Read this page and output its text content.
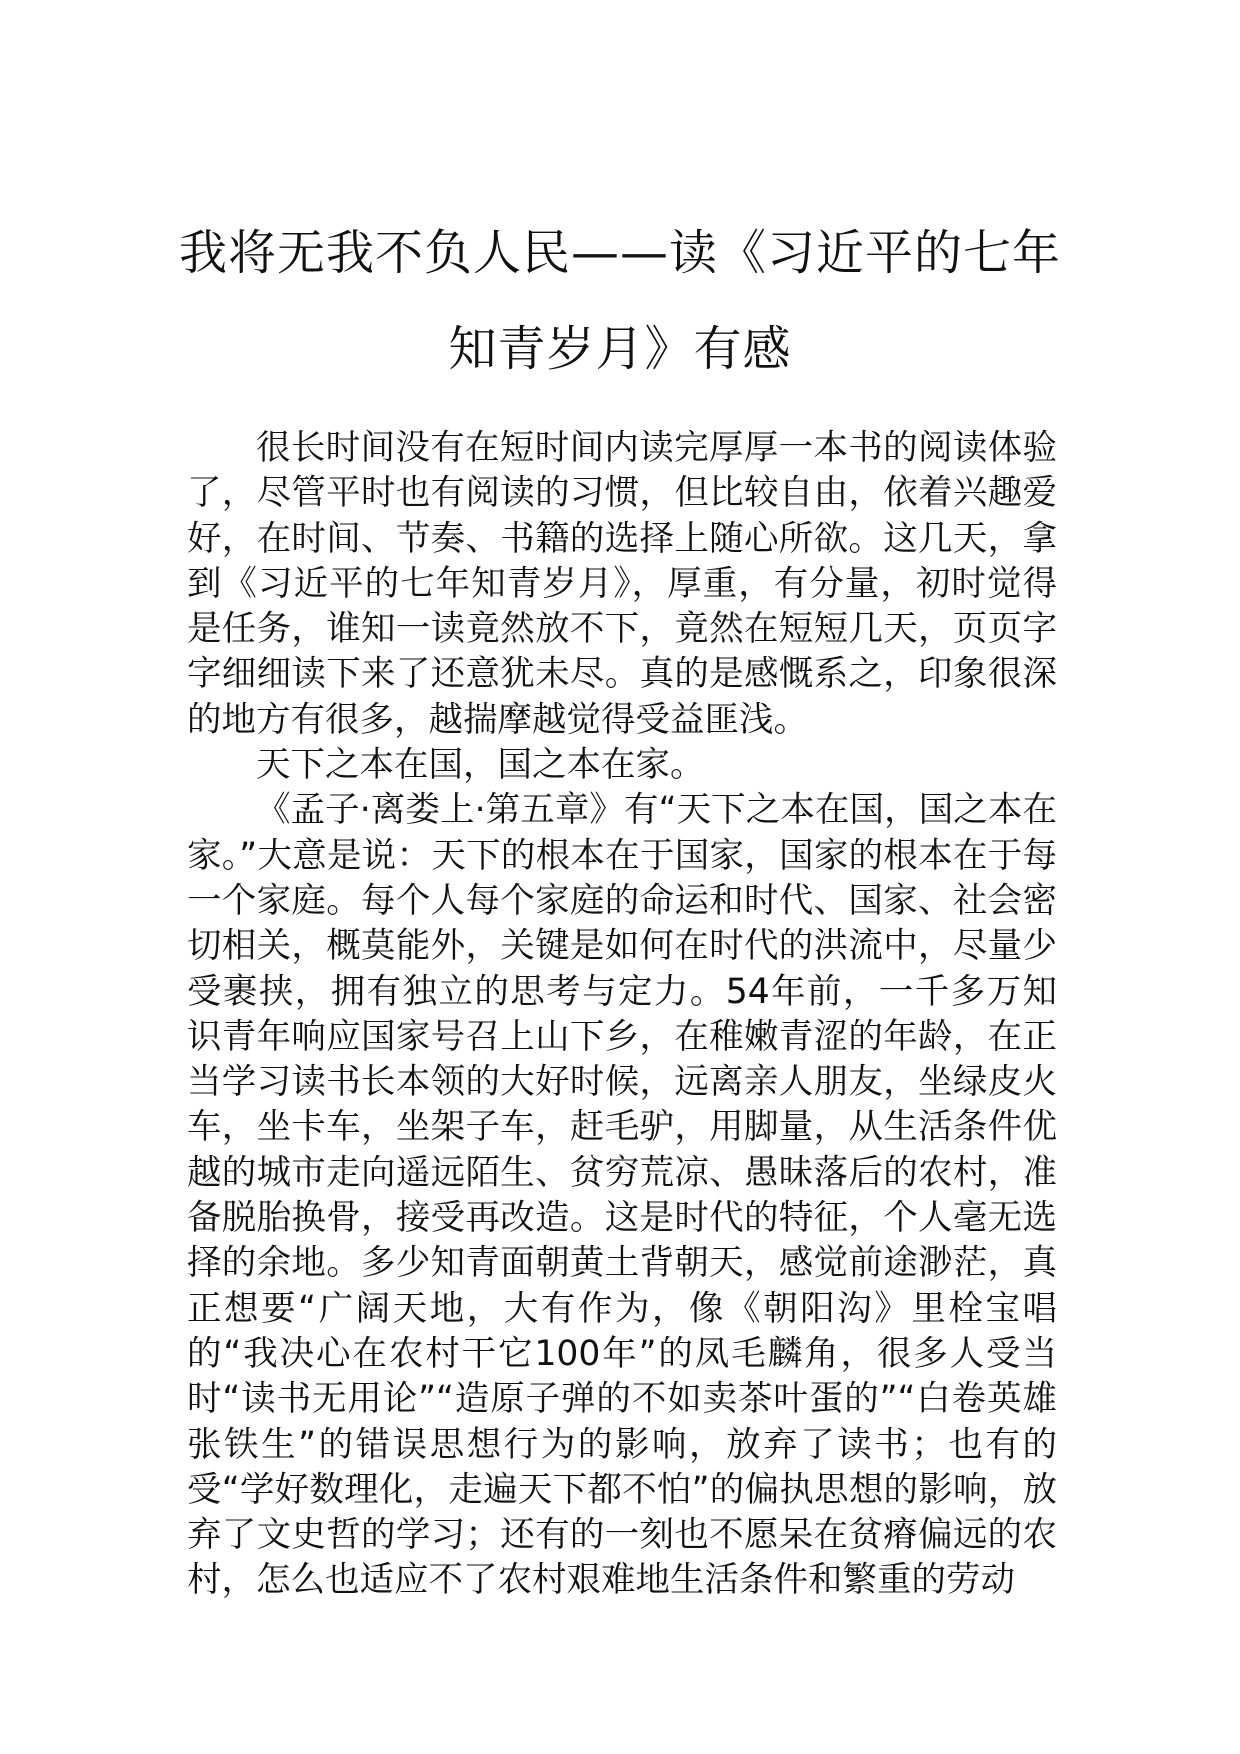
我将无我不负人民——读《习近平的七年
知青岁月》有感

很长时间没有在短时间内读完厚厚一本书的阅读体验了，尽管平时也有阅读的习惯，但比较自由，依着兴趣爱好，在时间、节奏、书籍的选择上随心所欲。这几天，拿到《习近平的七年知青岁月》，厚重，有分量，初时觉得是任务，谁知一读竟然放不下，竟然在短短几天，页页字字细细读下来了还意犹未尽。真的是感慨系之，印象很深的地方有很多，越揣摩越觉得受益匪浅。

天下之本在国，国之本在家。

《孟子·离娄上·第五章》有“天下之本在国，国之本在家。”大意是说：天下的根本在于国家，国家的根本在于每一个家庭。每个人每个家庭的命运和时代、国家、社会密切相关，概莫能外，关键是如何在时代的洪流中，尽量少受裹挟，拥有独立的思考与定力。54年前，一千多万知识青年响应国家号召上山下乡，在稚嫩青涩的年龄，在正当学习读书长本领的大好时候，远离亲人朋友，坐绿皮火车，坐卡车，坐架子车，赶毛驴，用脚量，从生活条件优越的城市走向遥远陌生、贫穷荒凉、愚昧落后的农村，准备脱胎换骨，接受再改造。这是时代的特征，个人毫无选择的余地。多少知青面朝黄土背朝天，感觉前途渺茫，真正想要“广阔天地，大有作为，像《朝阳沟》里栓宝唱的“我决心在农村干它100年”的凤毛麟角，很多人受当时“读书无用论”“造原子弹的不如卖茶叶蛋的”“白卷英雄张铁生”的错误思想行为的影响，放弃了读书；也有的受“学好数理化，走遍天下都不怕”的偏执思想的影响，放弃了文史哲的学习；还有的一刻也不愿呆在贫瘠偏远的农村，怎么也适应不了农村艰难地生活条件和繁重的劳动
